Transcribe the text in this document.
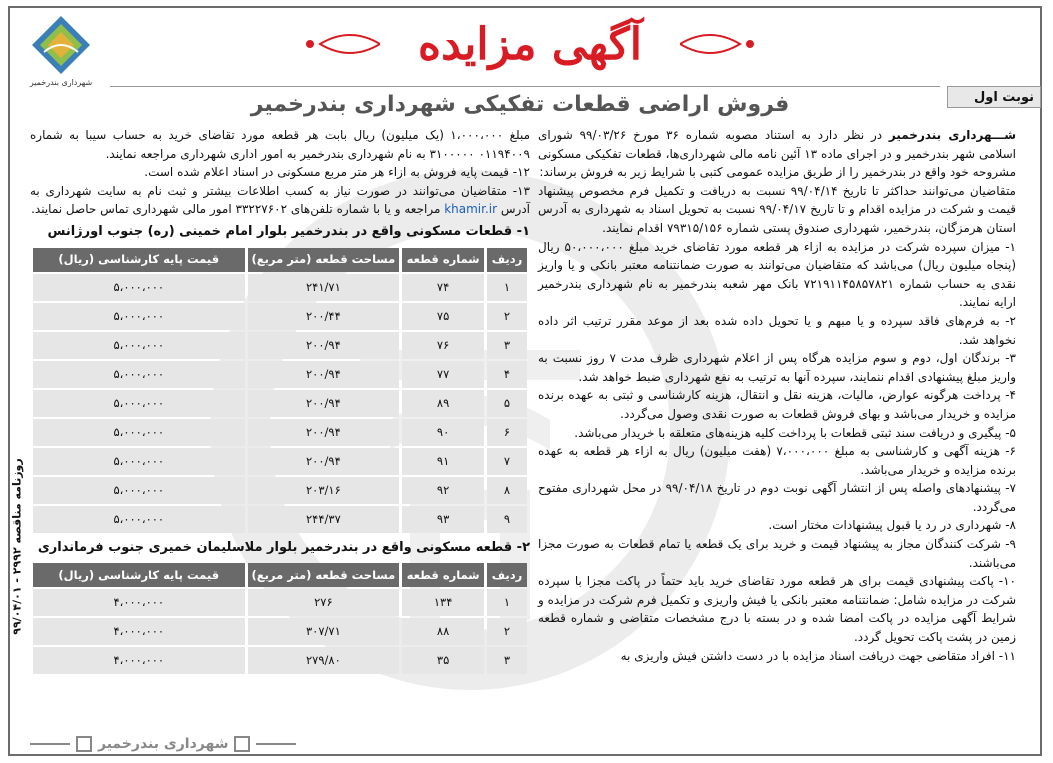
شهرداری بندرخمیر
آگهی مزایده
نوبت اول
فروش اراضی قطعات تفکیکی شهرداری بندرخمیر

شـــهرداری بندرخمیر در نظر دارد به استناد مصوبه شماره ۳۶ مورخ ۹۹/۰۳/۲۶ شورای اسلامی شهر بندرخمیر و در اجرای ماده ۱۳ آئین نامه مالی شهرداری‌ها، قطعات تفکیکی مسکونی مشروحه خود واقع در بندرخمیر را از طریق مزایده عمومی کتبی با شرایط زیر به فروش برساند:

متقاضیان می‌توانند حداکثر تا تاریخ ۹۹/۰۴/۱۴ نسبت به دریافت و تکمیل فرم مخصوص پیشنهاد قیمت و شرکت در مزایده اقدام و تا تاریخ ۹۹/۰۴/۱۷ نسبت به تحویل اسناد به شهرداری به آدرس استان هرمزگان، بندرخمیر، شهرداری صندوق پستی شماره ۷۹۳۱۵/۱۵۶ اقدام نمایند.

۱- میزان سپرده شرکت در مزایده به ازاء هر قطعه مورد تقاضای خرید مبلغ ۵۰،۰۰۰،۰۰۰ ریال (پنجاه میلیون ریال) می‌باشد که متقاضیان می‌توانند به صورت ضمانتنامه معتبر بانکی و یا واریز نقدی به حساب شماره ۷۲۱۹۱۱۴۵۸۵۷۸۲۱ بانک مهر شعبه بندرخمیر به نام شهرداری بندرخمیر ارایه نمایند.

۲- به فرم‌های فاقد سپرده و یا مبهم و یا تحویل داده شده بعد از موعد مقرر ترتیب اثر داده نخواهد شد.

۳- برندگان اول، دوم و سوم مزایده هرگاه پس از اعلام شهرداری ظرف مدت ۷ روز نسبت به واریز مبلغ پیشنهادی اقدام ننمایند، سپرده آنها به ترتیب به نفع شهرداری ضبط خواهد شد.

۴- پرداخت هرگونه عوارض، مالیات، هزینه نقل و انتقال، هزینه کارشناسی و ثبتی به عهده برنده مزایده و خریدار می‌باشد و بهای فروش قطعات به صورت نقدی وصول می‌گردد.

۵- پیگیری و دریافت سند ثبتی قطعات با پرداخت کلیه هزینه‌های متعلقه با خریدار می‌باشد.

۶- هزینه آگهی و کارشناسی به مبلغ ۷،۰۰۰،۰۰۰ (هفت میلیون) ریال به ازاء هر قطعه به عهده برنده مزایده و خریدار می‌باشد.

۷- پیشنهادهای واصله پس از انتشار آگهی نوبت دوم در تاریخ ۹۹/۰۴/۱۸ در محل شهرداری مفتوح می‌گردد.

۸- شهرداری در رد یا قبول پیشنهادات مختار است.

۹- شرکت کنندگان مجاز به پیشنهاد قیمت و خرید برای یک قطعه یا تمام قطعات به صورت مجزا می‌باشند.

۱۰- پاکت پیشنهادی قیمت برای هر قطعه مورد تقاضای خرید باید حتماً در پاکت مجزا با سپرده شرکت در مزایده شامل: ضمانتنامه معتبر بانکی یا فیش واریزی و تکمیل فرم شرکت در مزایده و شرایط آگهی مزایده در پاکت امضا شده و در بسته با درج مشخصات متقاضی و شماره قطعه زمین در پشت پاکت تحویل گردد.

۱۱- افراد متقاضی جهت دریافت اسناد مزایده با در دست داشتن فیش واریزی به

مبلغ ۱،۰۰۰،۰۰۰ (یک میلیون) ریال بابت هر قطعه مورد تقاضای خرید به حساب سیبا به شماره ۰۱۱۹۴۰۰۹ ۳۱۰۰۰۰۰ به نام شهرداری بندرخمیر به امور اداری شهرداری مراجعه نمایند.

۱۲- قیمت پایه فروش به ازاء هر متر مربع مسکونی در اسناد اعلام شده است.

۱۳- متقاضیان می‌توانند در صورت نیاز به کسب اطلاعات بیشتر و ثبت نام به سایت شهرداری به آدرس khamir.ir مراجعه و یا با شماره تلفن‌های ۳۳۲۲۷۶۰۲ امور مالی شهرداری تماس حاصل نمایند.

۱- قطعات مسکونی واقع در بندرخمیر بلوار امام خمینی (ره) جنوب اورژانس
ردیف	شماره قطعه	مساحت قطعه (متر مربع)	قیمت پایه کارشناسی (ریال)
۱	۷۴	۲۴۱/۷۱	۵،۰۰۰،۰۰۰
۲	۷۵	۲۰۰/۴۴	۵،۰۰۰،۰۰۰
۳	۷۶	۲۰۰/۹۴	۵،۰۰۰،۰۰۰
۴	۷۷	۲۰۰/۹۴	۵،۰۰۰،۰۰۰
۵	۸۹	۲۰۰/۹۴	۵،۰۰۰،۰۰۰
۶	۹۰	۲۰۰/۹۴	۵،۰۰۰،۰۰۰
۷	۹۱	۲۰۰/۹۴	۵،۰۰۰،۰۰۰
۸	۹۲	۲۰۳/۱۶	۵،۰۰۰،۰۰۰
۹	۹۳	۲۴۴/۳۷	۵،۰۰۰،۰۰۰
۲- قطعه مسکونی واقع در بندرخمیر بلوار ملاسلیمان خمیری جنوب فرمانداری
ردیف	شماره قطعه	مساحت قطعه (متر مربع)	قیمت پایه کارشناسی (ریال)
۱	۱۳۴	۲۷۶	۴،۰۰۰،۰۰۰
۲	۸۸	۳۰۷/۷۱	۴،۰۰۰،۰۰۰
۳	۳۵	۲۷۹/۸۰	۴،۰۰۰،۰۰۰
روزنامه مناقصه ۲۹۹۲ - ۹۹/۰۴/۰۱
شهرداری بندرخمیر
